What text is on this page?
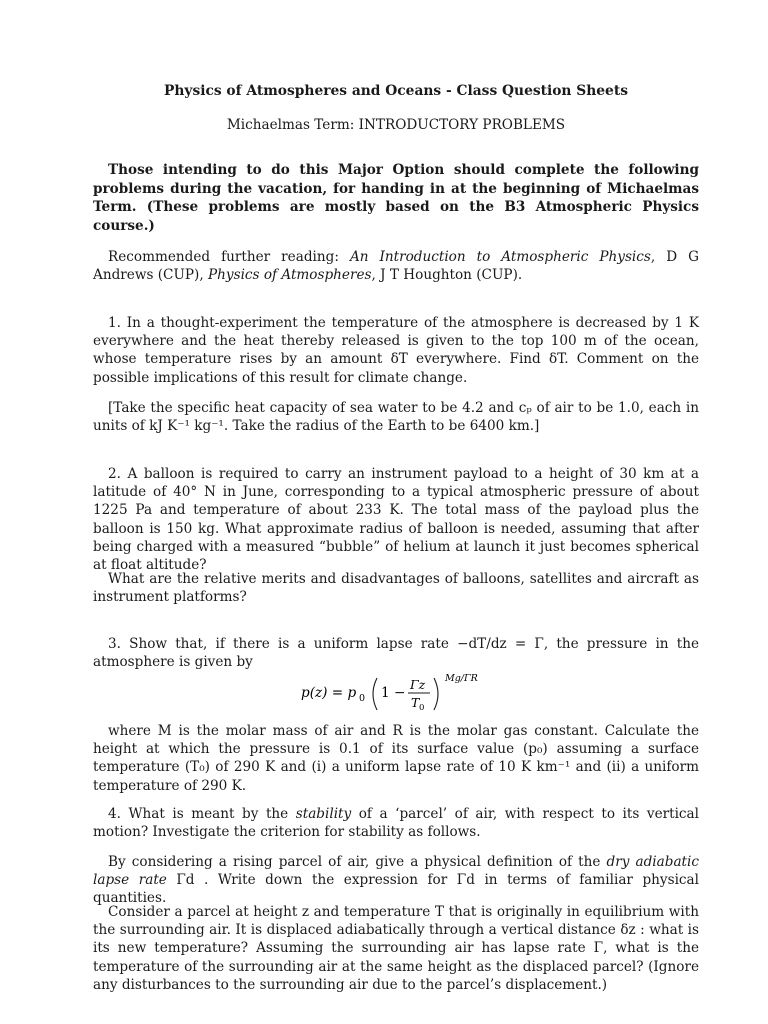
Physics of Atmospheres and Oceans - Class Question Sheets

Michaelmas Term: INTRODUCTORY PROBLEMS

Those intending to do this Major Option should complete the following problems during the vacation, for handing in at the beginning of Michaelmas Term. (These problems are mostly based on the B3 Atmospheric Physics course.)

Recommended further reading: An Introduction to Atmospheric Physics, D G Andrews (CUP), Physics of Atmospheres, J T Houghton (CUP).

1. In a thought-experiment the temperature of the atmosphere is decreased by 1 K everywhere and the heat thereby released is given to the top 100 m of the ocean, whose temperature rises by an amount δT everywhere. Find δT. Comment on the possible implications of this result for climate change.

[Take the specific heat capacity of sea water to be 4.2 and cₚ of air to be 1.0, each in units of kJ K⁻¹ kg⁻¹. Take the radius of the Earth to be 6400 km.]

2. A balloon is required to carry an instrument payload to a height of 30 km at a latitude of 40° N in June, corresponding to a typical atmospheric pressure of about 1225 Pa and temperature of about 233 K. The total mass of the payload plus the balloon is 150 kg. What approximate radius of balloon is needed, assuming that after being charged with a measured “bubble” of helium at launch it just becomes spherical at float altitude?

What are the relative merits and disadvantages of balloons, satellites and aircraft as instrument platforms?

3. Show that, if there is a uniform lapse rate −dT/dz = Γ, the pressure in the atmosphere is given by

p(z) = p 0 1 −
Γz
T 0
Mg/ΓR

where M is the molar mass of air and R is the molar gas constant. Calculate the height at which the pressure is 0.1 of its surface value (p₀) assuming a surface temperature (T₀) of 290 K and (i) a uniform lapse rate of 10 K km⁻¹ and (ii) a uniform temperature of 290 K.

4. What is meant by the stability of a ‘parcel’ of air, with respect to its vertical motion? Investigate the criterion for stability as follows.

By considering a rising parcel of air, give a physical definition of the dry adiabatic lapse rate Γd . Write down the expression for Γd in terms of familiar physical quantities.

Consider a parcel at height z and temperature T that is originally in equilibrium with the surrounding air. It is displaced adiabatically through a vertical distance δz : what is its new temperature? Assuming the surrounding air has lapse rate Γ, what is the temperature of the surrounding air at the same height as the displaced parcel? (Ignore any disturbances to the surrounding air due to the parcel’s displacement.)
